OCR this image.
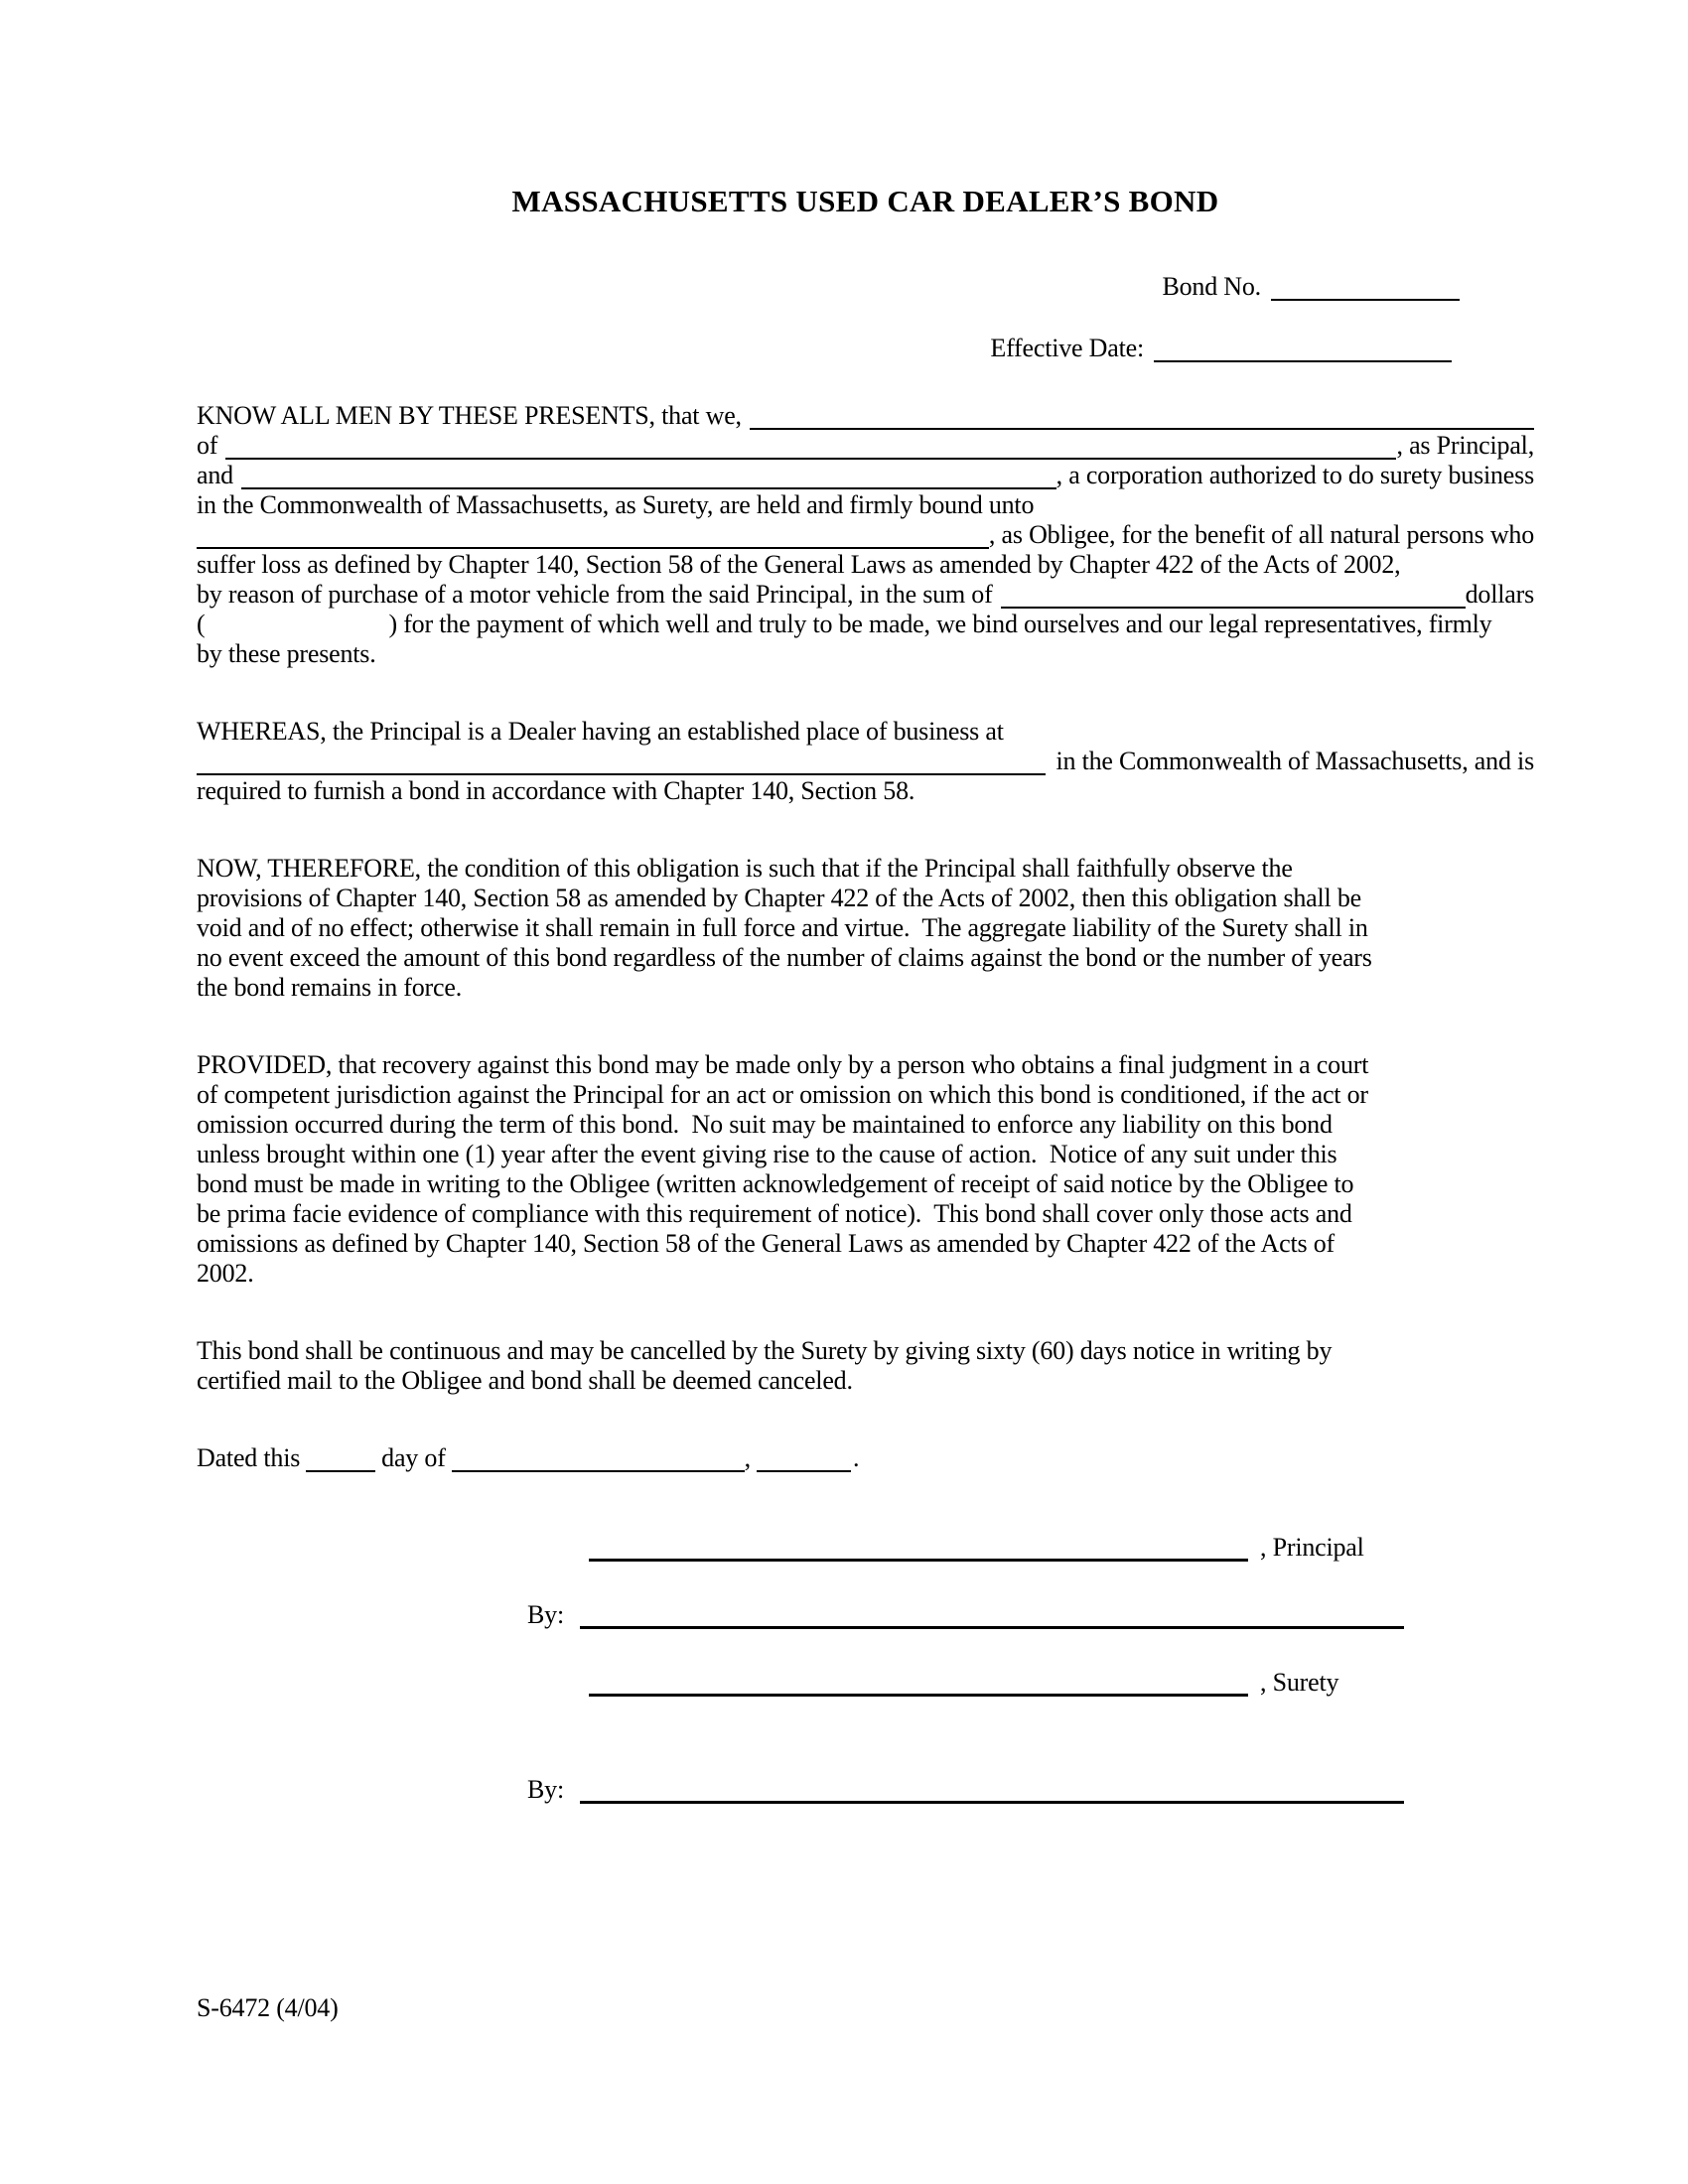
MASSACHUSETTS USED CAR DEALER’S BOND
Bond No.
Effective Date:
KNOW ALL MEN BY THESE PRESENTS, that we,
of	, as Principal,
and	, a corporation authorized to do surety business
in the Commonwealth of Massachusetts, as Surety, are held and firmly bound unto
, as Obligee, for the benefit of all natural persons who
suffer loss as defined by Chapter 140, Section 58 of the General Laws as amended by Chapter 422 of the Acts of 2002,
by reason of purchase of a motor vehicle from the said Principal, in the sum of	dollars
(	) for the payment of which well and truly to be made, we bind ourselves and our legal representatives, firmly
by these presents.
WHEREAS, the Principal is a Dealer having an established place of business at
in the Commonwealth of Massachusetts, and is
required to furnish a bond in accordance with Chapter 140, Section 58.
NOW, THEREFORE, the condition of this obligation is such that if the Principal shall faithfully observe the
provisions of Chapter 140, Section 58 as amended by Chapter 422 of the Acts of 2002, then this obligation shall be
void and of no effect; otherwise it shall remain in full force and virtue.  The aggregate liability of the Surety shall in
no event exceed the amount of this bond regardless of the number of claims against the bond or the number of years
the bond remains in force.
PROVIDED, that recovery against this bond may be made only by a person who obtains a final judgment in a court
of competent jurisdiction against the Principal for an act or omission on which this bond is conditioned, if the act or
omission occurred during the term of this bond.  No suit may be maintained to enforce any liability on this bond
unless brought within one (1) year after the event giving rise to the cause of action.  Notice of any suit under this
bond must be made in writing to the Obligee (written acknowledgement of receipt of said notice by the Obligee to
be prima facie evidence of compliance with this requirement of notice).  This bond shall cover only those acts and
omissions as defined by Chapter 140, Section 58 of the General Laws as amended by Chapter 422 of the Acts of
2002.
This bond shall be continuous and may be cancelled by the Surety by giving sixty (60) days notice in writing by
certified mail to the Obligee and bond shall be deemed canceled.
Dated this	day of	,	.
, Principal
By:
, Surety
By:
S-6472 (4/04)
